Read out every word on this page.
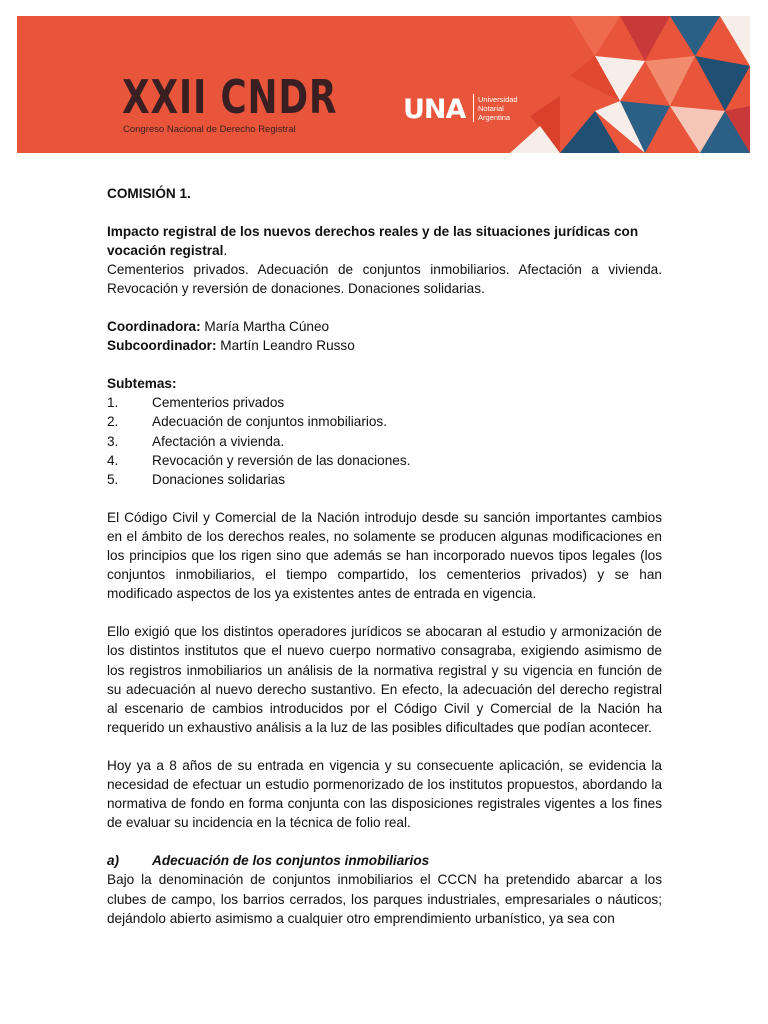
XXII CNDR
Congreso Nacional de Derecho Registral
UNA Universidad
Notarial
Argentina

COMISIÓN 1.

Impacto registral de los nuevos derechos reales y de las situaciones jurídicas con vocación registral.

Cementerios privados. Adecuación de conjuntos inmobiliarios. Afectación a vivienda. Revocación y reversión de donaciones. Donaciones solidarias.

Coordinadora: María Martha Cúneo

Subcoordinador: Martín Leandro Russo

Subtemas:

1.	Cementerios privados
2.	Adecuación de conjuntos inmobiliarios.
3.	Afectación a vivienda.
4.	Revocación y reversión de las donaciones.
5.	Donaciones solidarias

El Código Civil y Comercial de la Nación introdujo desde su sanción importantes cambios en el ámbito de los derechos reales, no solamente se producen algunas modificaciones en los principios que los rigen sino que además se han incorporado nuevos tipos legales (los conjuntos inmobiliarios, el tiempo compartido, los cementerios privados) y se han modificado aspectos de los ya existentes antes de entrada en vigencia.

Ello exigió que los distintos operadores jurídicos se abocaran al estudio y armonización de los distintos institutos que el nuevo cuerpo normativo consagraba, exigiendo asimismo de los registros inmobiliarios un análisis de la normativa registral y su vigencia en función de su adecuación al nuevo derecho sustantivo. En efecto, la adecuación del derecho registral al escenario de cambios introducidos por el Código Civil y Comercial de la Nación ha requerido un exhaustivo análisis a la luz de las posibles dificultades que podían acontecer.

Hoy ya a 8 años de su entrada en vigencia y su consecuente aplicación, se evidencia la necesidad de efectuar un estudio pormenorizado de los institutos propuestos, abordando la normativa de fondo en forma conjunta con las disposiciones registrales vigentes a los fines de evaluar su incidencia en la técnica de folio real.

a)	Adecuación de los conjuntos inmobiliarios

Bajo la denominación de conjuntos inmobiliarios el CCCN ha pretendido abarcar a los clubes de campo, los barrios cerrados, los parques industriales, empresariales o náuticos; dejándolo abierto asimismo a cualquier otro emprendimiento urbanístico, ya sea con
